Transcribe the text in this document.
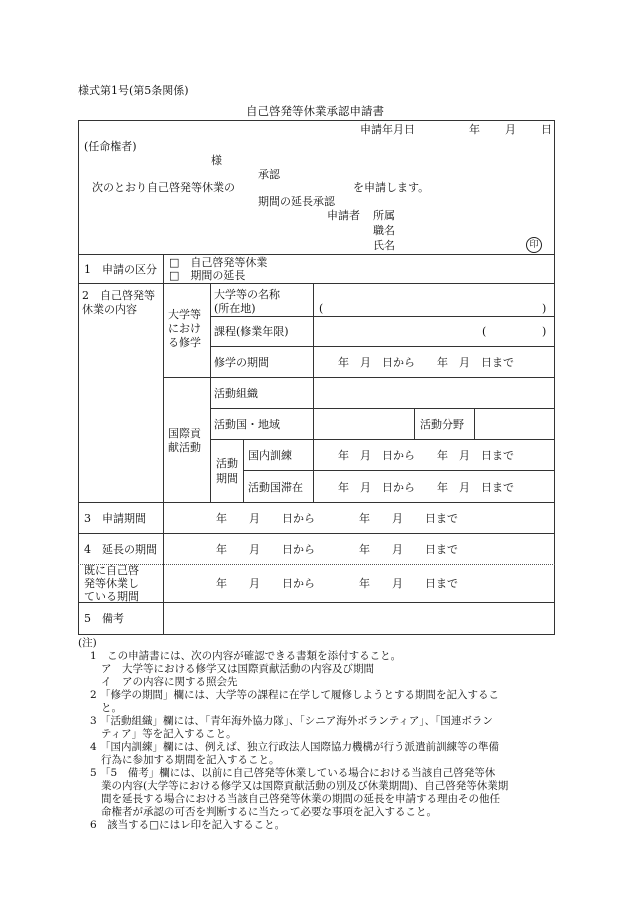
様式第1号(第5条関係)
自己啓発等休業承認申請書
申請年月日	年 月 日
(任命権者)
様
承認
次のとおり自己啓発等休業の	を申請します。
期間の延長承認
申請者 所属
職名
氏名	印
1　申請の区分
□　自己啓発等休業
□　期間の延長
2　自己啓発等
休業の内容	大学等
におけ
る修学
大学等の名称
(所在地)	(	)
課程(修業年限)	(	)
修学の期間	年　月　日から　　年　月　日まで
国際貢
献活動
活動組織
活動国・地域	活動分野
活動
期間
国内訓練	年　月　日から　　年　月　日まで
活動国滞在	年　月　日から　　年　月　日まで
3　申請期間	年　　月　　日から　　　　年　　月　　日まで
4　延長の期間	年　　月　　日から　　　　年　　月　　日まで
既に自己啓
発等休業し
ている期間
年　　月　　日から　　　　年　　月　　日まで
5　備考
(注)
1　この申請書には、次の内容が確認できる書類を添付すること。
ア　大学等における修学又は国際貢献活動の内容及び期間
イ　アの内容に関する照会先
2 「修学の期間」欄には、大学等の課程に在学して履修しようとする期間を記入するこ
と。
3 「活動組織」欄には、「青年海外協力隊」、「シニア海外ボランティア」、「国連ボラン
ティア」等を記入すること。
4 「国内訓練」欄には、例えば、独立行政法人国際協力機構が行う派遣前訓練等の準備
行為に参加する期間を記入すること。
5 「5　備考」欄には、以前に自己啓発等休業している場合における当該自己啓発等休
業の内容(大学等における修学又は国際貢献活動の別及び休業期間)、自己啓発等休業期
間を延長する場合における当該自己啓発等休業の期間の延長を申請する理由その他任
命権者が承認の可否を判断するに当たって必要な事項を記入すること。
6　該当する□にはレ印を記入すること。
